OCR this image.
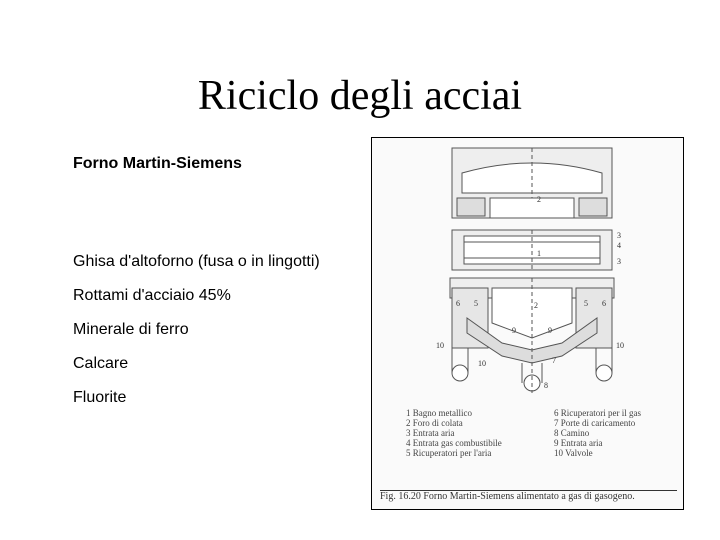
Riciclo degli acciai
Forno Martin-Siemens
Ghisa d'altoforno (fusa o in lingotti)
Rottami d'acciaio 45%
Minerale di ferro
Calcare
Fluorite
2
3
4
3
1
6 5	5 6
9	9
2
10
10
10
8
7
1 Bagno metallico
2 Foro di colata
3 Entrata aria
4 Entrata gas combustibile
5 Ricuperatori per l'aria
6 Ricuperatori per il gas
7 Porte di caricamento
8 Camino
9 Entrata aria
10 Valvole
Fig. 16.20 Forno Martin-Siemens alimentato a gas di gasogeno.
